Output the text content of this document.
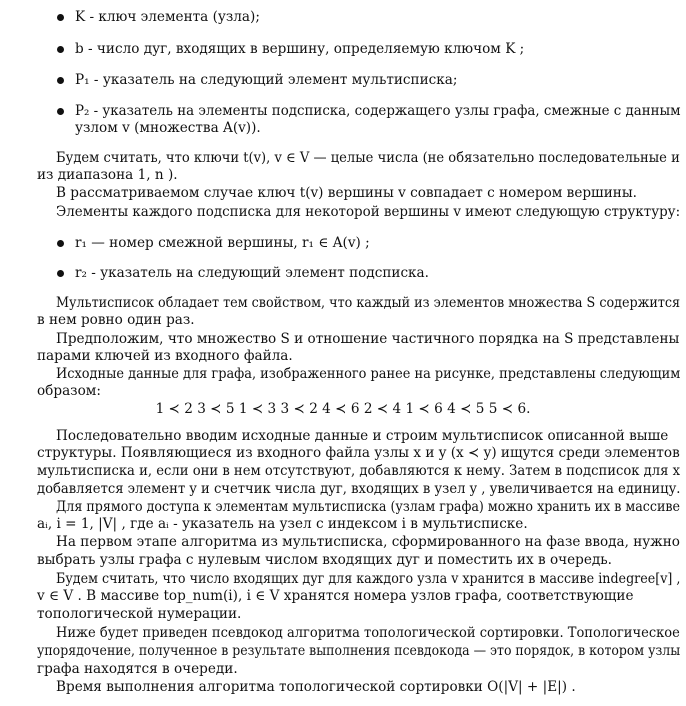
K - ключ элемента (узла);
b - число дуг, входящих в вершину, определяемую ключом K ;
P₁ - указатель на следующий элемент мультисписка;
P₂ - указатель на элементы подсписка, содержащего узлы графа, смежные с данным
узлом v (множества A(v)).
Будем считать, что ключи t(v), v ∈ V — целые числа (не обязательно последовательные и
из диапазона 1, n ).
В рассматриваемом случае ключ t(v) вершины v совпадает с номером вершины.
Элементы каждого подсписка для некоторой вершины v имеют следующую структуру:
r₁ — номер смежной вершины, r₁ ∈ A(v) ;
r₂ - указатель на следующий элемент подсписка.
Мультисписок обладает тем свойством, что каждый из элементов множества S содержится
в нем ровно один раз.
Предположим, что множество S и отношение частичного порядка на S представлены
парами ключей из входного файла.
Исходные данные для графа, изображенного ранее на рисунке, представлены следующим
образом:
1 ≺ 2 3 ≺ 5 1 ≺ 3 3 ≺ 2 4 ≺ 6 2 ≺ 4 1 ≺ 6 4 ≺ 5 5 ≺ 6.
Последовательно вводим исходные данные и строим мультисписок описанной выше
структуры. Появляющиеся из входного файла узлы x и y (x ≺ y) ищутся среди элементов
мультисписка и, если они в нем отсутствуют, добавляются к нему. Затем в подсписок для x
добавляется элемент y и счетчик числа дуг, входящих в узел y , увеличивается на единицу.
Для прямого доступа к элементам мультисписка (узлам графа) можно хранить их в массиве
aᵢ, i = 1, |V| , где aᵢ - указатель на узел с индексом i в мультисписке.
На первом этапе алгоритма из мультисписка, сформированного на фазе ввода, нужно
выбрать узлы графа с нулевым числом входящих дуг и поместить их в очередь.
Будем считать, что число входящих дуг для каждого узла v хранится в массиве indegree[v] ,
v ∈ V . В массиве top_num(i), i ∈ V хранятся номера узлов графа, соответствующие
топологической нумерации.
Ниже будет приведен псевдокод алгоритма топологической сортировки. Топологическое
упорядочение, полученное в результате выполнения псевдокода — это порядок, в котором узлы
графа находятся в очереди.
Время выполнения алгоритма топологической сортировки O(|V| + |E|) .
